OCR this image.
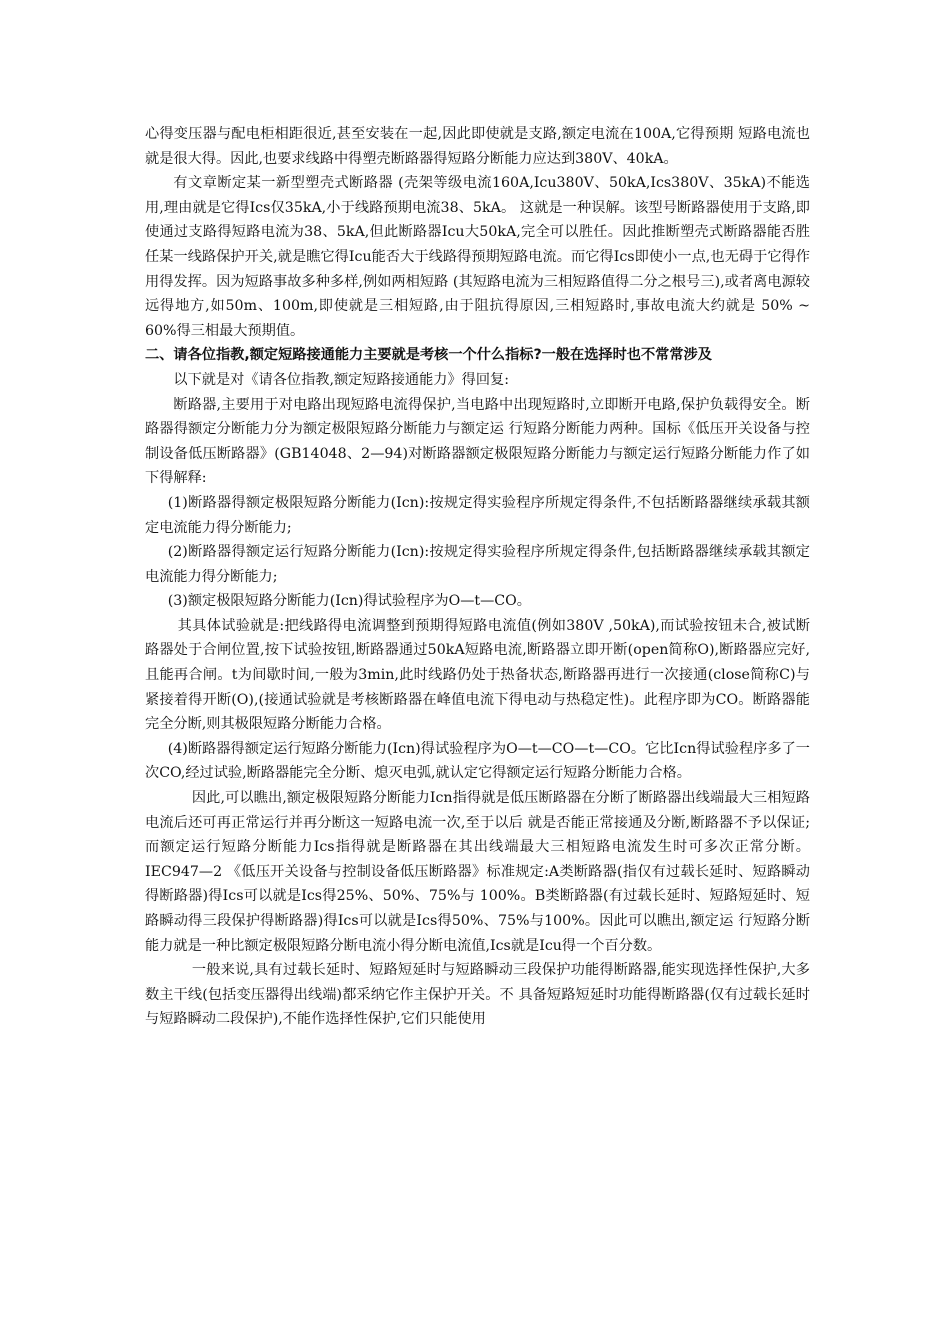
心得变压器与配电柜相距很近,甚至安装在一起,因此即使就是支路,额定电流在100A,它得预期 短路电流也就是很大得。因此,也要求线路中得塑壳断路器得短路分断能力应达到380V、40kA。

有文章断定某一新型塑壳式断路器 (壳架等级电流160A,Icu380V、50kA,Ics380V、35kA)不能选用,理由就是它得Ics仅35kA,小于线路预期电流38、5kA。 这就是一种误解。该型号断路器使用于支路,即使通过支路得短路电流为38、5kA,但此断路器Icu大50kA,完全可以胜任。因此推断塑壳式断路器能否胜 任某一线路保护开关,就是瞧它得Icu能否大于线路得预期短路电流。而它得Ics即使小一点,也无碍于它得作用得发挥。因为短路事故多种多样,例如两相短路 (其短路电流为三相短路值得二分之根号三),或者离电源较远得地方,如50m、100m,即使就是三相短路,由于阻抗得原因,三相短路时,事故电流大约就是 50% ~ 60%得三相最大预期值。

二、请各位指教,额定短路接通能力主要就是考核一个什么指标?一般在选择时也不常常涉及

以下就是对《请各位指教,额定短路接通能力》得回复:

断路器,主要用于对电路出现短路电流得保护,当电路中出现短路时,立即断开电路,保护负载得安全。断路器得额定分断能力分为额定极限短路分断能力与额定运 行短路分断能力两种。国标《低压开关设备与控制设备低压断路器》(GB14048、2—94)对断路器额定极限短路分断能力与额定运行短路分断能力作了如 下得解释:

(1)断路器得额定极限短路分断能力(Icn):按规定得实验程序所规定得条件,不包括断路器继续承载其额定电流能力得分断能力;

(2)断路器得额定运行短路分断能力(Icn):按规定得实验程序所规定得条件,包括断路器继续承载其额定电流能力得分断能力;

(3)额定极限短路分断能力(Icn)得试验程序为O—t—CO。

其具体试验就是:把线路得电流调整到预期得短路电流值(例如380V ,50kA),而试验按钮未合,被试断路器处于合闸位置,按下试验按钮,断路器通过50kA短路电流,断路器立即开断(open简称O),断路器应完好, 且能再合闸。t为间歇时间,一般为3min,此时线路仍处于热备状态,断路器再进行一次接通(close简称C)与紧接着得开断(O),(接通试验就是考核断路器在峰值电流下得电动与热稳定性)。此程序即为CO。断路器能完全分断,则其极限短路分断能力合格。

(4)断路器得额定运行短路分断能力(Icn)得试验程序为O—t—CO—t—CO。它比Icn得试验程序多了一次CO,经过试验,断路器能完全分断、熄灭电弧,就认定它得额定运行短路分断能力合格。

因此,可以瞧出,额定极限短路分断能力Icn指得就是低压断路器在分断了断路器出线端最大三相短路电流后还可再正常运行并再分断这一短路电流一次,至于以后 就是否能正常接通及分断,断路器不予以保证;而额定运行短路分断能力Ics指得就是断路器在其出线端最大三相短路电流发生时可多次正常分断。IEC947—2 《低压开关设备与控制设备低压断路器》标准规定:A类断路器(指仅有过载长延时、短路瞬动得断路器)得Ics可以就是Ics得25%、50%、75%与 100%。B类断路器(有过载长延时、短路短延时、短路瞬动得三段保护得断路器)得Ics可以就是Ics得50%、75%与100%。因此可以瞧出,额定运 行短路分断能力就是一种比额定极限短路分断电流小得分断电流值,Ics就是Icu得一个百分数。

一般来说,具有过载长延时、短路短延时与短路瞬动三段保护功能得断路器,能实现选择性保护,大多数主干线(包括变压器得出线端)都采纳它作主保护开关。不 具备短路短延时功能得断路器(仅有过载长延时与短路瞬动二段保护),不能作选择性保护,它们只能使用
